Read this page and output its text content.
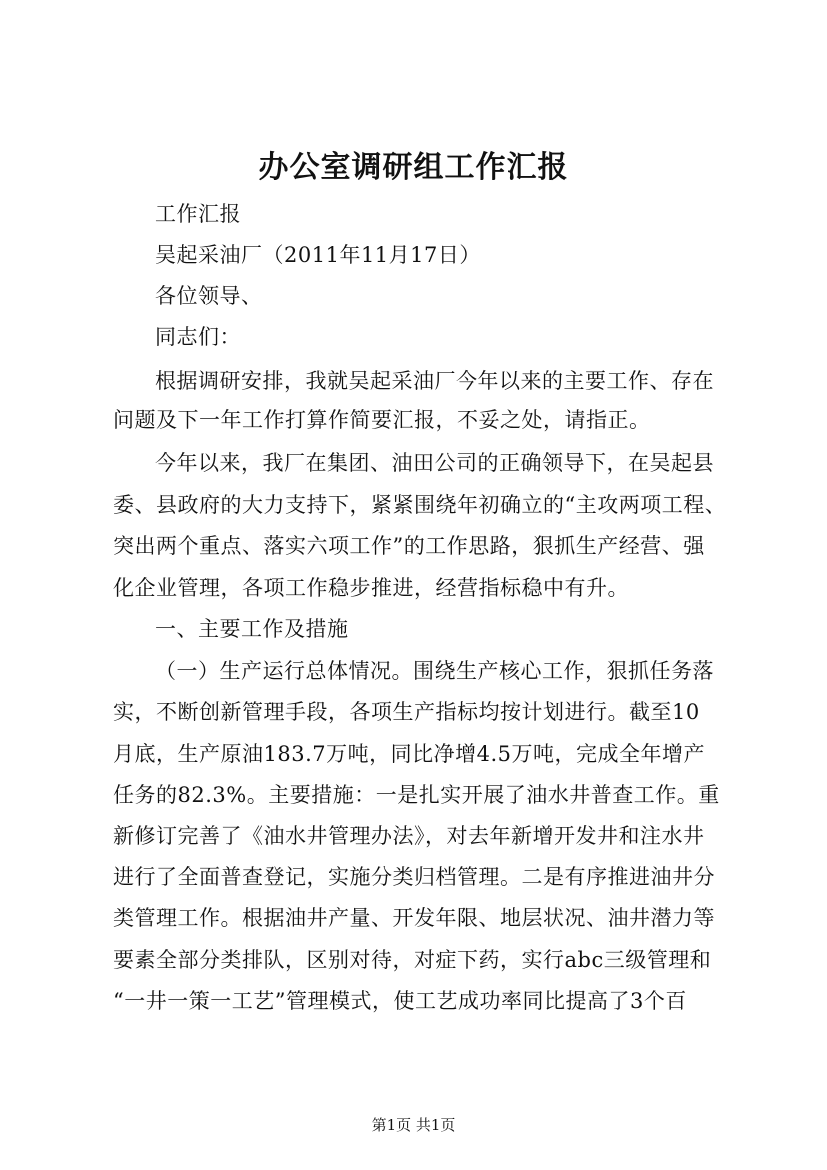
办公室调研组工作汇报
工作汇报
吴起采油厂（2011年11月17日）
各位领导、
同志们：
根据调研安排，我就吴起采油厂今年以来的主要工作、存在
问题及下一年工作打算作简要汇报，不妥之处，请指正。
今年以来，我厂在集团、油田公司的正确领导下，在吴起县
委、县政府的大力支持下，紧紧围绕年初确立的“主攻两项工程、
突出两个重点、落实六项工作”的工作思路，狠抓生产经营、强
化企业管理，各项工作稳步推进，经营指标稳中有升。
一、主要工作及措施
（一）生产运行总体情况。围绕生产核心工作，狠抓任务落
实，不断创新管理手段，各项生产指标均按计划进行。截至10
月底，生产原油183.7万吨，同比净增4.5万吨，完成全年增产
任务的82.3%。主要措施：一是扎实开展了油水井普查工作。重
新修订完善了《油水井管理办法》，对去年新增开发井和注水井
进行了全面普查登记，实施分类归档管理。二是有序推进油井分
类管理工作。根据油井产量、开发年限、地层状况、油井潜力等
要素全部分类排队，区别对待，对症下药，实行abc三级管理和
“一井一策一工艺”管理模式，使工艺成功率同比提高了3个百
第1页 共1页
